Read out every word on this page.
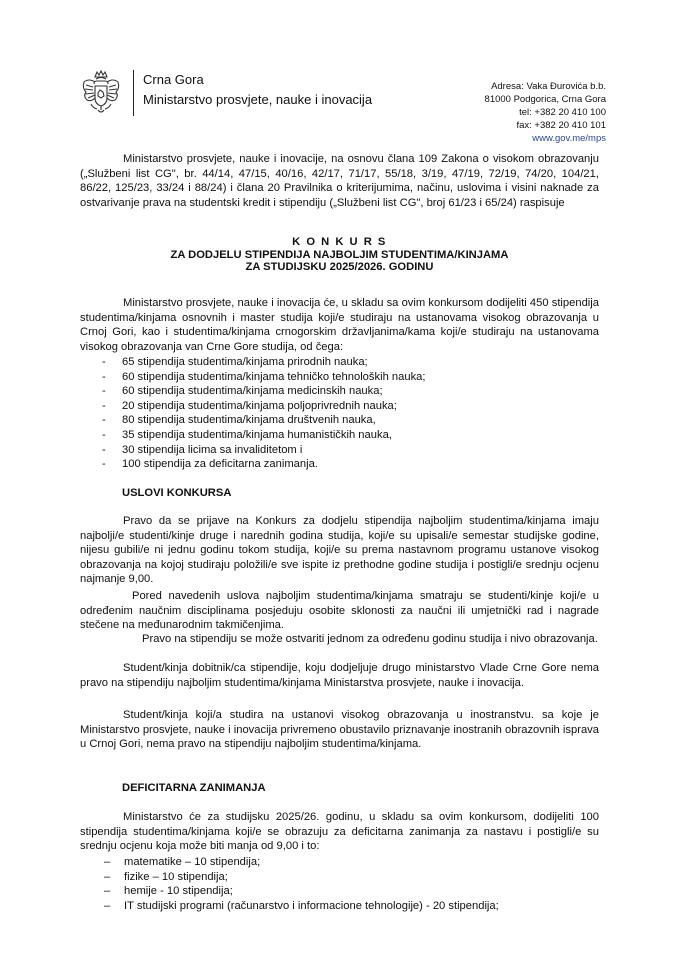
Crna Gora
Ministarstvo prosvjete, nauke i inovacija
Adresa: Vaka Đurovića b.b.
81000 Podgorica, Crna Gora
tel: +382 20 410 100
fax: +382 20 410 101
www.gov.me/mps

Ministarstvo prosvjete, nauke i inovacije, na osnovu člana 109 Zakona o visokom obrazovanju („Službeni list CG", br. 44/14, 47/15, 40/16, 42/17, 71/17, 55/18, 3/19, 47/19, 72/19, 74/20, 104/21, 86/22, 125/23, 33/24 i 88/24) i člana 20 Pravilnika o kriterijumima, načinu, uslovima i visini naknade za ostvarivanje prava na studentski kredit i stipendiju („Službeni list CG", broj 61/23 i 65/24) raspisuje

K O N K U R S
ZA DODJELU STIPENDIJA NAJBOLJIM STUDENTIMA/KINJAMA
ZA STUDIJSKU 2025/2026. GODINU

Ministarstvo prosvjete, nauke i inovacija će, u skladu sa ovim konkursom dodijeliti 450 stipendija studentima/kinjama osnovnih i master studija koji/e studiraju na ustanovama visokog obrazovanja u Crnoj Gori, kao i studentima/kinjama crnogorskim državljanima/kama koji/e studiraju na ustanovama visokog obrazovanja van Crne Gore studija, od čega:

- 65 stipendija studentima/kinjama prirodnih nauka;
- 60 stipendija studentima/kinjama tehničko tehnoloških nauka;
- 60 stipendija studentima/kinjama medicinskih nauka;
- 20 stipendija studentima/kinjama poljoprivrednih nauka;
- 80 stipendija studentima/kinjama društvenih nauka,
- 35 stipendija studentima/kinjama humanističkih nauka,
- 30 stipendija licima sa invaliditetom i
- 100 stipendija za deficitarna zanimanja.
USLOVI KONKURSA

Pravo da se prijave na Konkurs za dodjelu stipendija najboljim studentima/kinjama imaju najbolji/e studenti/kinje druge i narednih godina studija, koji/e su upisali/e semestar studijske godine, nijesu gubili/e ni jednu godinu tokom studija, koji/e su prema nastavnom programu ustanove visokog obrazovanja na kojoj studiraju položili/e sve ispite iz prethodne godine studija i postigli/e srednju ocjenu najmanje 9,00.

Pored navedenih uslova najboljim studentima/kinjama smatraju se studenti/kinje koji/e u određenim naučnim disciplinama posjeduju osobite sklonosti za naučni ili umjetnički rad i nagrade stečene na međunarodnim takmičenjima.

Pravo na stipendiju se može ostvariti jednom za određenu godinu studija i nivo obrazovanja.

Student/kinja dobitnik/ca stipendije, koju dodjeljuje drugo ministarstvo Vlade Crne Gore nema pravo na stipendiju najboljim studentima/kinjama Ministarstva prosvjete, nauke i inovacija.

Student/kinja koji/a studira na ustanovi visokog obrazovanja u inostranstvu. sa koje je Ministarstvo prosvjete, nauke i inovacija privremeno obustavilo priznavanje inostranih obrazovnih isprava u Crnoj Gori, nema pravo na stipendiju najboljim studentima/kinjama.

DEFICITARNA ZANIMANJA

Ministarstvo će za studijsku 2025/26. godinu, u skladu sa ovim konkursom, dodijeliti 100 stipendija studentima/kinjama koji/e se obrazuju za deficitarna zanimanja za nastavu i postigli/e su srednju ocjenu koja može biti manja od 9,00 i to:

– matematike – 10 stipendija;
– fizike – 10 stipendija;
– hemije - 10 stipendija;
– IT studijski programi (računarstvo i informacione tehnologije) - 20 stipendija;
